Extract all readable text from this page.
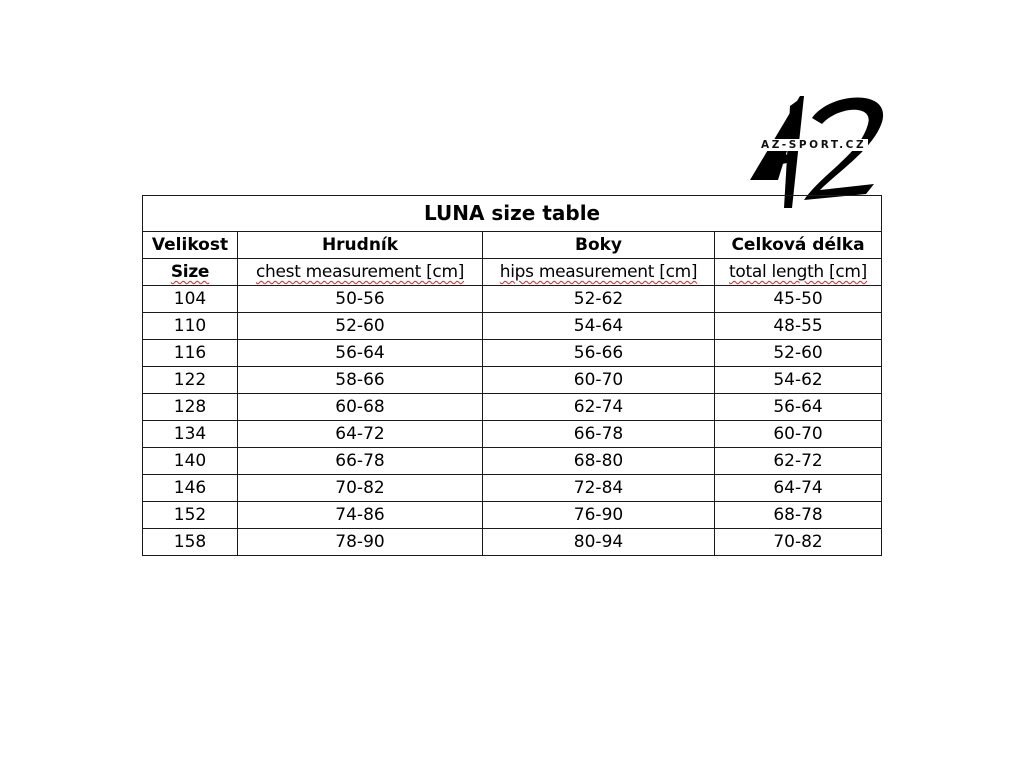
AZ-SPORT.CZ
LUNA size table			
Velikost	Hrudník	Boky	Celková délka
Size	chest measurement [cm]	hips measurement [cm]	total length [cm]
104	50-56	52-62	45-50
110	52-60	54-64	48-55
116	56-64	56-66	52-60
122	58-66	60-70	54-62
128	60-68	62-74	56-64
134	64-72	66-78	60-70
140	66-78	68-80	62-72
146	70-82	72-84	64-74
152	74-86	76-90	68-78
158	78-90	80-94	70-82
